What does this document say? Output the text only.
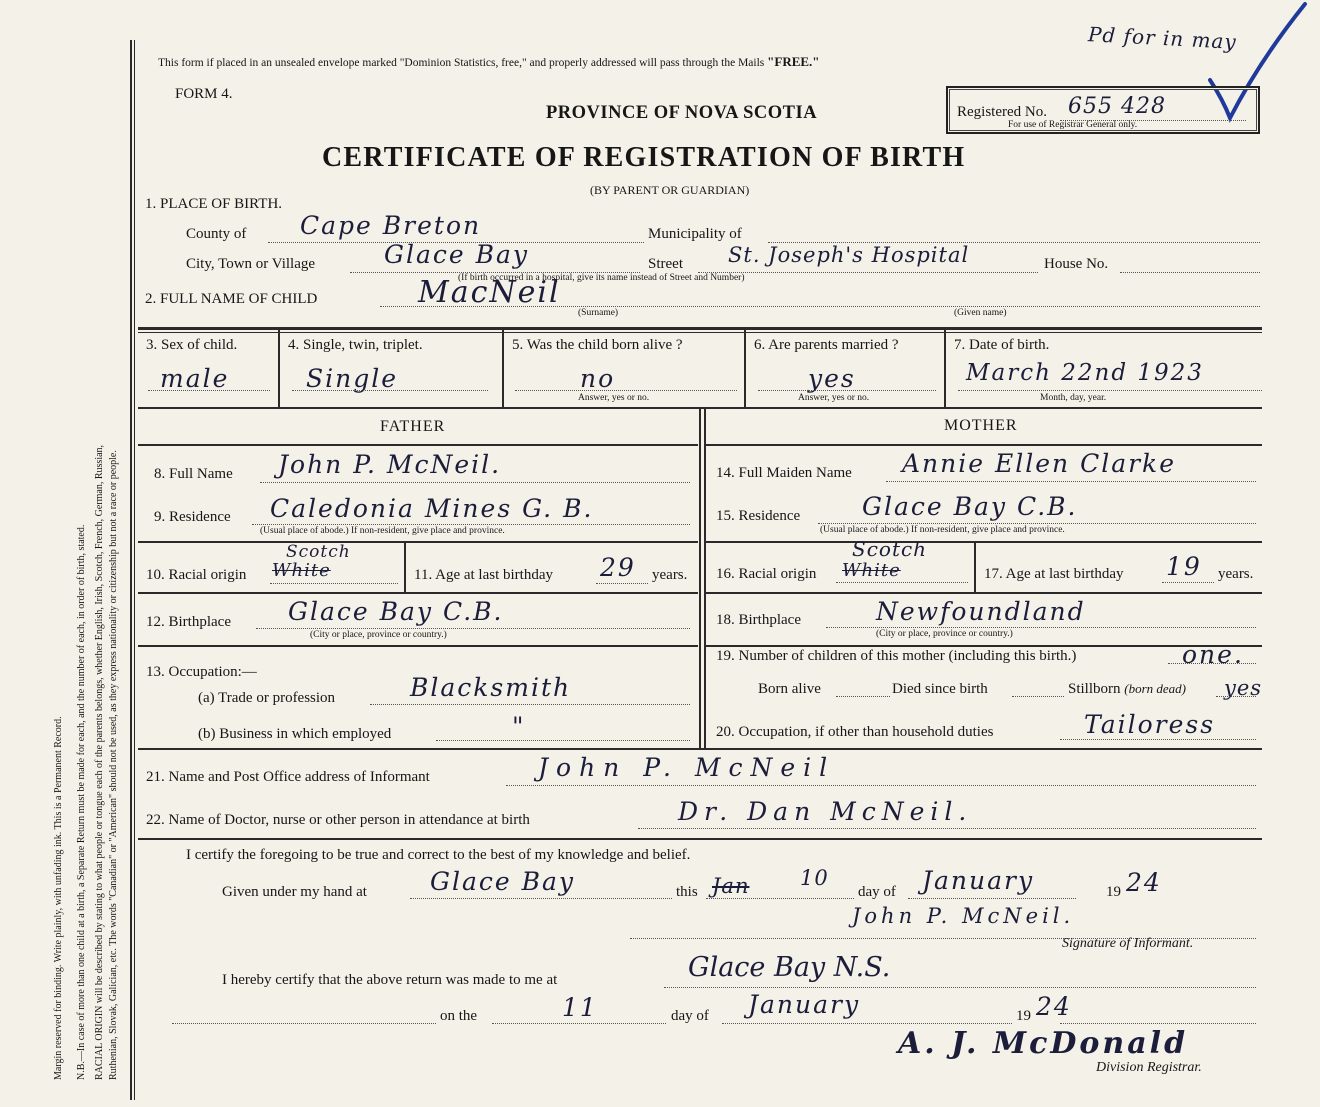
Margin reserved for binding. Write plainly, with unfading ink. This is a Permanent Record. N.B.—In case of more than one child at a birth, a Separate Return must be made for each, and the number of each, in order of birth, stated. RACIAL ORIGIN will be described by stating to what people or tongue each of the parents belongs, whether English, Irish, Scotch, French, German, Russian, Ruthenian, Slovak, Galician, etc. The words "Canadian" or "American" should not be used, as they express nationality or citizenship but not a race or people.
This form if placed in an unsealed envelope marked "Dominion Statistics, free," and properly addressed will pass through the Mails "FREE."
Pd for in may
FORM 4.
PROVINCE OF NOVA SCOTIA	Registered No. 655 428
For use of Registrar General only.
CERTIFICATE OF REGISTRATION OF BIRTH
(BY PARENT OR GUARDIAN)
1. PLACE OF BIRTH.
County of Cape Breton	Municipality of
City, Town or Village	Glace Bay	Street St. Joseph's Hospital	House No.
(If birth occurred in a hospital, give its name instead of Street and Number)
2. FULL NAME OF CHILD	MacNeil
(Surname)	(Given name)
3. Sex of child.
male
4. Single, twin, triplet.
Single
5. Was the child born alive ?
no
Answer, yes or no.
6. Are parents married ?
yes
Answer, yes or no.
7. Date of birth.
March 22nd 1923
Month, day, year.
FATHER	MOTHER
8. Full Name John P. McNeil.
9. Residence Caledonia Mines G. B.
(Usual place of abode.) If non-resident, give place and province.
10. Racial origin White
Scotch
11. Age at last birthday 29 years.
12. Birthplace Glace Bay C.B.
(City or place, province or country.)
13. Occupation:—
(a) Trade or profession	Blacksmith
(b) Business in which employed	"
14. Full Maiden Name Annie Ellen Clarke
15. Residence Glace Bay C.B.
(Usual place of abode.) If non-resident, give place and province.
16. Racial origin White
Scotch
17. Age at last birthday 19 years.
18. Birthplace	Newfoundland
(City or place, province or country.)
19. Number of children of this mother (including this birth.)	one.
Born alive	Died since birth	Stillborn (born dead) yes
20. Occupation, if other than household duties	Tailoress
21. Name and Post Office address of Informant	John P. McNeil
22. Name of Doctor, nurse or other person in attendance at birth	Dr. Dan McNeil.
I certify the foregoing to be true and correct to the best of my knowledge and belief.
Given under my hand at	Glace Bay	this Jan 10
day of January	19 24
John P. McNeil.
Signature of Informant.
I hereby certify that the above return was made to me at	Glace Bay N.S.
on the	11	day of January	19 24
A. J. McDonald
Division Registrar.
